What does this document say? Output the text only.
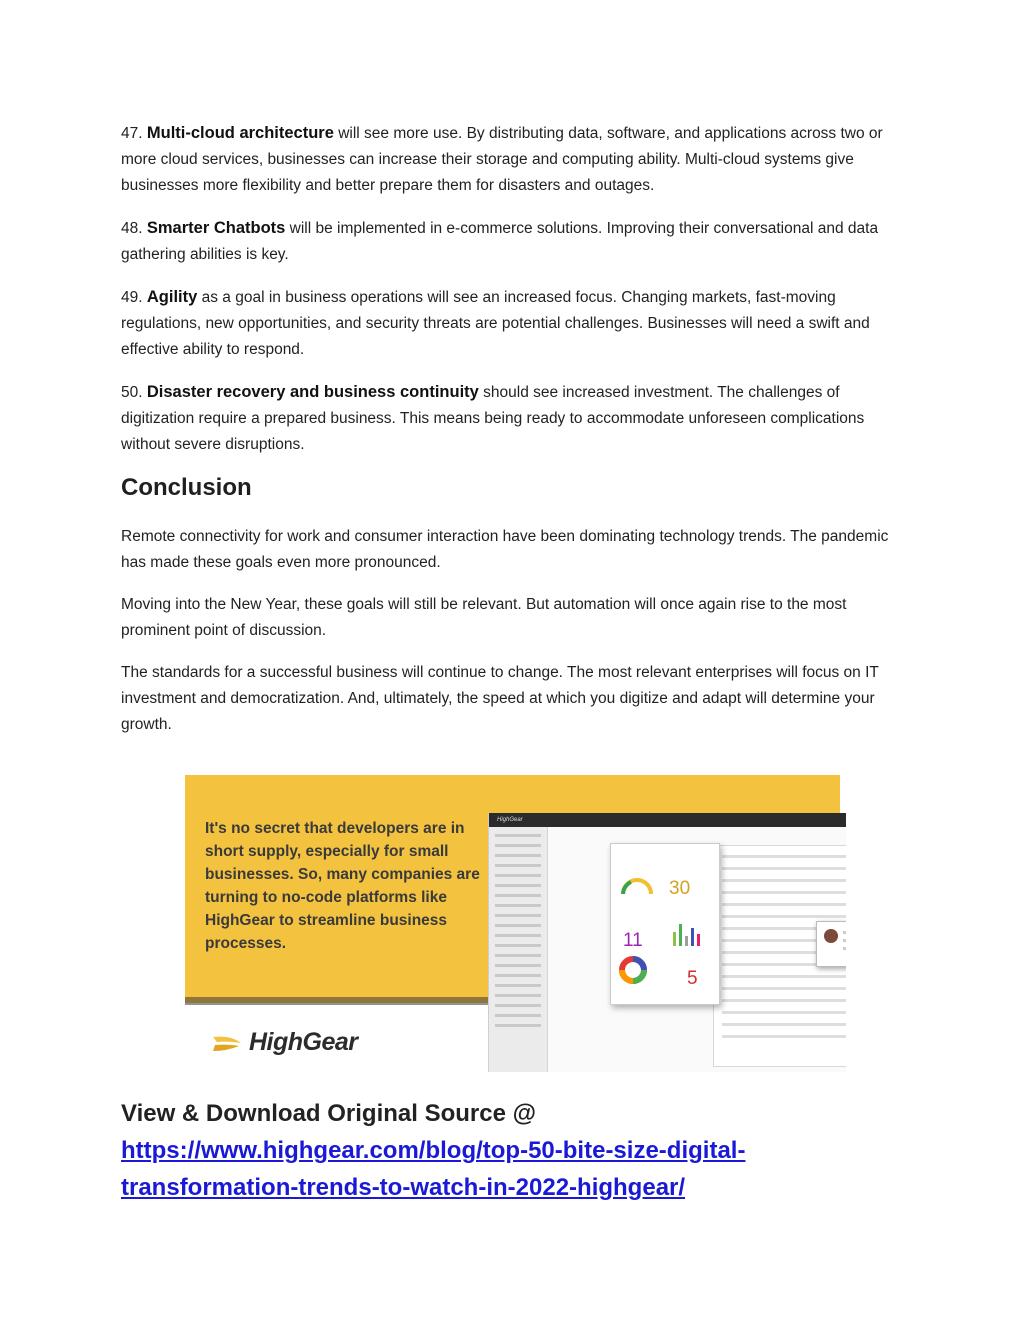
47. Multi-cloud architecture will see more use. By distributing data, software, and applications across two or more cloud services, businesses can increase their storage and computing ability. Multi-cloud systems give businesses more flexibility and better prepare them for disasters and outages.

48. Smarter Chatbots will be implemented in e-commerce solutions. Improving their conversational and data gathering abilities is key.

49. Agility as a goal in business operations will see an increased focus. Changing markets, fast-moving regulations, new opportunities, and security threats are potential challenges. Businesses will need a swift and effective ability to respond.

50. Disaster recovery and business continuity should see increased investment. The challenges of digitization require a prepared business. This means being ready to accommodate unforeseen complications without severe disruptions.

Conclusion

Remote connectivity for work and consumer interaction have been dominating technology trends. The pandemic has made these goals even more pronounced.

Moving into the New Year, these goals will still be relevant. But automation will once again rise to the most prominent point of discussion.

The standards for a successful business will continue to change. The most relevant enterprises will focus on IT investment and democratization. And, ultimately, the speed at which you digitize and adapt will determine your growth.

It's no secret that developers are in short supply, especially for small businesses. So, many companies are turning to no-code platforms like HighGear to streamline business processes.
HighGear
30
11
5
HighGear
View & Download Original Source @
https://www.highgear.com/blog/top-50-bite-size-digital-
transformation-trends-to-watch-in-2022-highgear/
